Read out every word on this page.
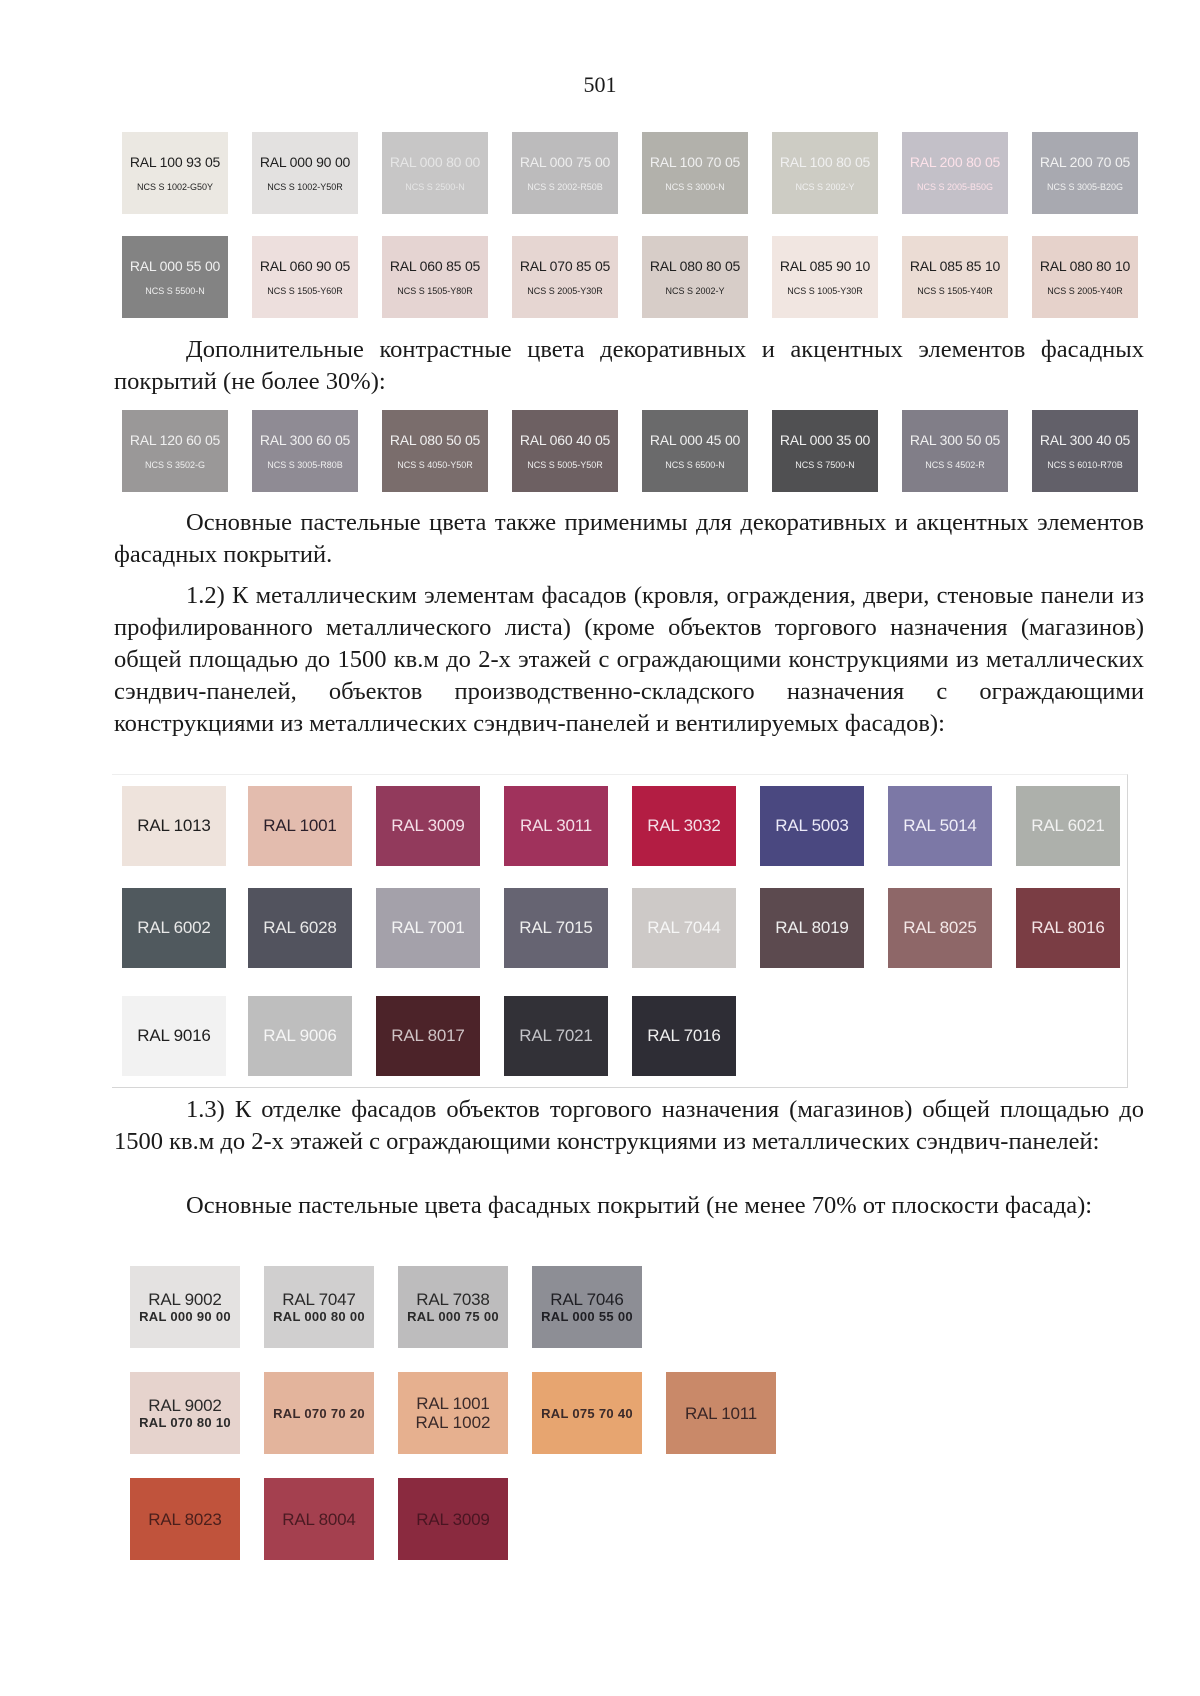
501
RAL 100 93 05
NCS S 1002-G50Y
RAL 000 90 00
NCS S 1002-Y50R
RAL 000 80 00
NCS S 2500-N
RAL 000 75 00
NCS S 2002-R50B
RAL 100 70 05
NCS S 3000-N
RAL 100 80 05
NCS S 2002-Y
RAL 200 80 05
NCS S 2005-B50G
RAL 200 70 05
NCS S 3005-B20G
RAL 000 55 00
NCS S 5500-N
RAL 060 90 05
NCS S 1505-Y60R
RAL 060 85 05
NCS S 1505-Y80R
RAL 070 85 05
NCS S 2005-Y30R
RAL 080 80 05
NCS S 2002-Y
RAL 085 90 10
NCS S 1005-Y30R
RAL 085 85 10
NCS S 1505-Y40R
RAL 080 80 10
NCS S 2005-Y40R

Дополнительные контрастные цвета декоративных и акцентных элементов фасадных покрытий (не более 30%):

RAL 120 60 05
NCS S 3502-G
RAL 300 60 05
NCS S 3005-R80B
RAL 080 50 05
NCS S 4050-Y50R
RAL 060 40 05
NCS S 5005-Y50R
RAL 000 45 00
NCS S 6500-N
RAL 000 35 00
NCS S 7500-N
RAL 300 50 05
NCS S 4502-R
RAL 300 40 05
NCS S 6010-R70B

Основные пастельные цвета также применимы для декоративных и акцентных элементов фасадных покрытий.

1.2) К металлическим элементам фасадов (кровля, ограждения, двери, стеновые панели из профилированного металлического листа) (кроме объектов торгового назначения (магазинов) общей площадью до 1500 кв.м до 2-х этажей с ограждающими конструкциями из металлических сэндвич-панелей, объектов производственно-складского назначения с ограждающими конструкциями из металлических сэндвич-панелей и вентилируемых фасадов):

RAL 1013	RAL 1001	RAL 3009	RAL 3011	RAL 3032	RAL 5003	RAL 5014	RAL 6021
RAL 6002	RAL 6028	RAL 7001	RAL 7015	RAL 7044	RAL 8019	RAL 8025	RAL 8016
RAL 9016	RAL 9006	RAL 8017	RAL 7021	RAL 7016

1.3) К отделке фасадов объектов торгового назначения (магазинов) общей площадью до 1500 кв.м до 2-х этажей с ограждающими конструкциями из металлических сэндвич-панелей:

Основные пастельные цвета фасадных покрытий (не менее 70% от плоскости фасада):

RAL 9002
RAL 000 90 00
RAL 7047
RAL 000 80 00
RAL 7038
RAL 000 75 00
RAL 7046
RAL 000 55 00
RAL 9002
RAL 070 80 10
RAL 070 70 20	RAL 1001
RAL 1002	RAL 075 70 40	RAL 1011
RAL 8023	RAL 8004	RAL 3009
